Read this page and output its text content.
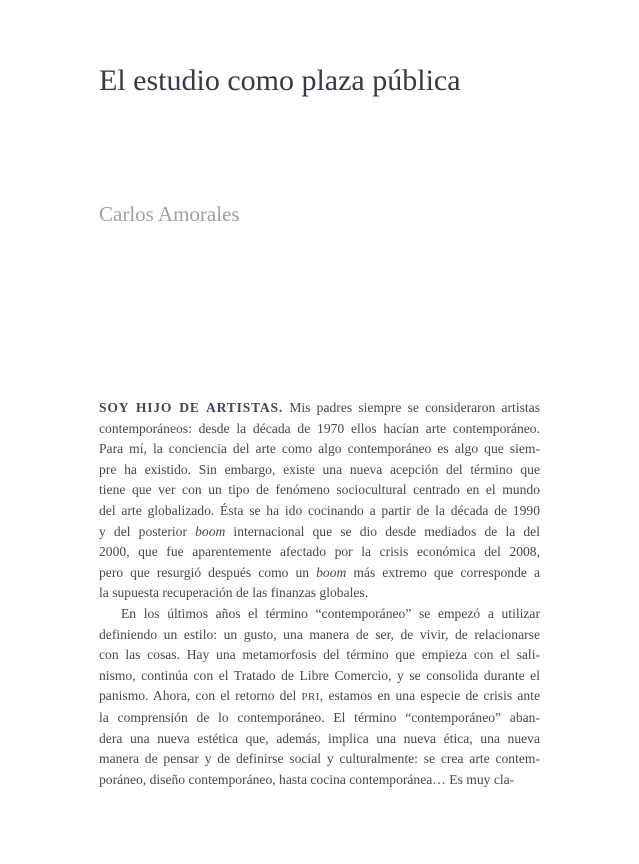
El estudio como plaza pública
Carlos Amorales
SOY HIJO DE ARTISTAS. Mis padres siempre se consideraron artistas
contemporáneos: desde la década de 1970 ellos hacían arte contemporáneo.
Para mí, la conciencia del arte como algo contemporáneo es algo que siem-
pre ha existido. Sin embargo, existe una nueva acepción del término que
tiene que ver con un tipo de fenómeno sociocultural centrado en el mundo
del arte globalizado. Ésta se ha ido cocinando a partir de la década de 1990
y del posterior boom internacional que se dio desde mediados de la del
2000, que fue aparentemente afectado por la crisis económica del 2008,
pero que resurgió después como un boom más extremo que corresponde a
la supuesta recuperación de las finanzas globales.
En los últimos años el término “contemporáneo” se empezó a utilizar
definiendo un estilo: un gusto, una manera de ser, de vivir, de relacionarse
con las cosas. Hay una metamorfosis del término que empieza con el sali-
nismo, continúa con el Tratado de Libre Comercio, y se consolida durante el
panismo. Ahora, con el retorno del PRI, estamos en una especie de crisis ante
la comprensión de lo contemporáneo. El término “contemporáneo” aban-
dera una nueva estética que, además, implica una nueva ética, una nueva
manera de pensar y de definirse social y culturalmente: se crea arte contem-
poráneo, diseño contemporáneo, hasta cocina contemporánea… Es muy cla-
